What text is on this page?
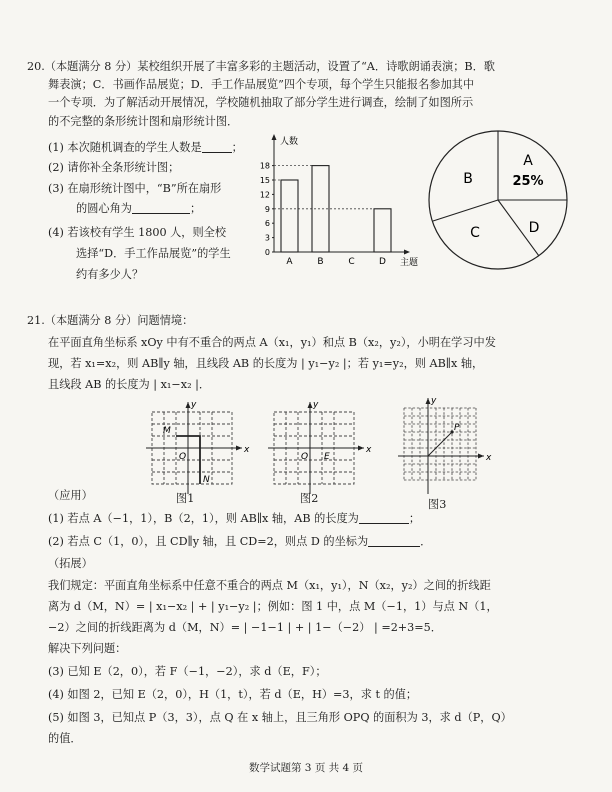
20.（本题满分 8 分）某校组织开展了丰富多彩的主题活动，设置了“A．诗歌朗诵表演；B．歌
舞表演；C．书画作品展览；D．手工作品展览”四个专项，每个学生只能报名参加其中
一个专项．为了解活动开展情况，学校随机抽取了部分学生进行调查，绘制了如图所示
的不完整的条形统计图和扇形统计图．
(1) 本次随机调查的学生人数是	；
(2) 请你补全条形统计图；
(3) 在扇形统计图中，“B”所在扇形
的圆心角为	；
(4) 若该校有学生 1800 人，则全校
选择“D．手工作品展览”的学生
约有多少人？
0
3
6
9
12
15
18
A	B	C	D
人数
主题
A
25%
B
C	D
21.（本题满分 8 分）问题情境：
在平面直角坐标系 xOy 中有不重合的两点 A（x₁，y₁）和点 B（x₂，y₂），小明在学习中发
现，若 x₁=x₂，则 AB∥y 轴，且线段 AB 的长度为 | y₁−y₂ |；若 y₁=y₂，则 AB∥x 轴，
且线段 AB 的长度为 | x₁−x₂ |．
x
y
O
M
N
图1
x
y
O E
图2
x
y
P
图3
（应用）
(1) 若点 A（−1，1），B（2，1），则 AB∥x 轴，AB 的长度为	；
(2) 若点 C（1，0），且 CD∥y 轴，且 CD=2，则点 D 的坐标为	．
（拓展）
我们规定：平面直角坐标系中任意不重合的两点 M（x₁，y₁），N（x₂，y₂）之间的折线距
离为 d（M，N）= | x₁−x₂ | + | y₁−y₂ |；例如：图 1 中，点 M（−1，1）与点 N（1，
−2）之间的折线距离为 d（M，N）= | −1−1 | + | 1−（−2） | =2+3=5．
解决下列问题：
(3) 已知 E（2，0），若 F（−1，−2），求 d（E，F）；
(4) 如图 2，已知 E（2，0），H（1，t），若 d（E，H）=3，求 t 的值；
(5) 如图 3，已知点 P（3，3），点 Q 在 x 轴上，且三角形 OPQ 的面积为 3，求 d（P，Q）
的值．
数学试题第 3 页 共 4 页
